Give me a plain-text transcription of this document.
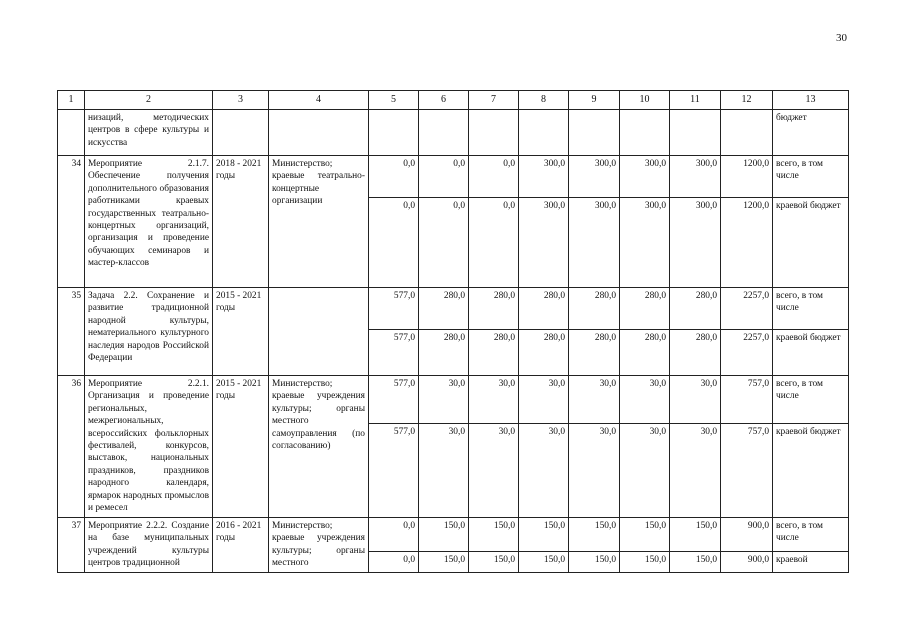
30
1	2	3	4	5	6	7	8	9	10	11	12	13
	низаций, методических центров в сфере культуры и искусства											бюджет
34	Мероприятие 2.1.7. Обеспечение получения дополнительного образования работниками краевых государственных театрально-концертных организаций, организация и проведение обучающих семинаров и мастер-классов	2018 - 2021 годы	Министерство; краевые театрально-концертные организации	0,0	0,0	0,0	300,0	300,0	300,0	300,0	1200,0	всего, в том числе
				0,0	0,0	0,0	300,0	300,0	300,0	300,0	1200,0	краевой бюджет
35	Задача 2.2. Сохранение и развитие традиционной народной культуры, нематериального культурного наследия народов Российской Федерации	2015 - 2021 годы		577,0	280,0	280,0	280,0	280,0	280,0	280,0	2257,0	всего, в том числе
				577,0	280,0	280,0	280,0	280,0	280,0	280,0	2257,0	краевой бюджет
36	Мероприятие 2.2.1. Организация и проведение региональных, межрегиональных, всероссийских фольклорных фестивалей, конкурсов, выставок, национальных праздников, праздников народного календаря, ярмарок народных промыслов и ремесел	2015 - 2021 годы	Министерство; краевые учреждения культуры; органы местного самоуправления (по согласованию)	577,0	30,0	30,0	30,0	30,0	30,0	30,0	757,0	всего, в том числе
				577,0	30,0	30,0	30,0	30,0	30,0	30,0	757,0	краевой бюджет
37	Мероприятие 2.2.2. Создание на базе муниципальных учреждений культуры центров традиционной	2016 - 2021 годы	Министерство; краевые учреждения культуры; органы местного	0,0	150,0	150,0	150,0	150,0	150,0	150,0	900,0	всего, в том числе
				0,0	150,0	150,0	150,0	150,0	150,0	150,0	900,0	краевой
